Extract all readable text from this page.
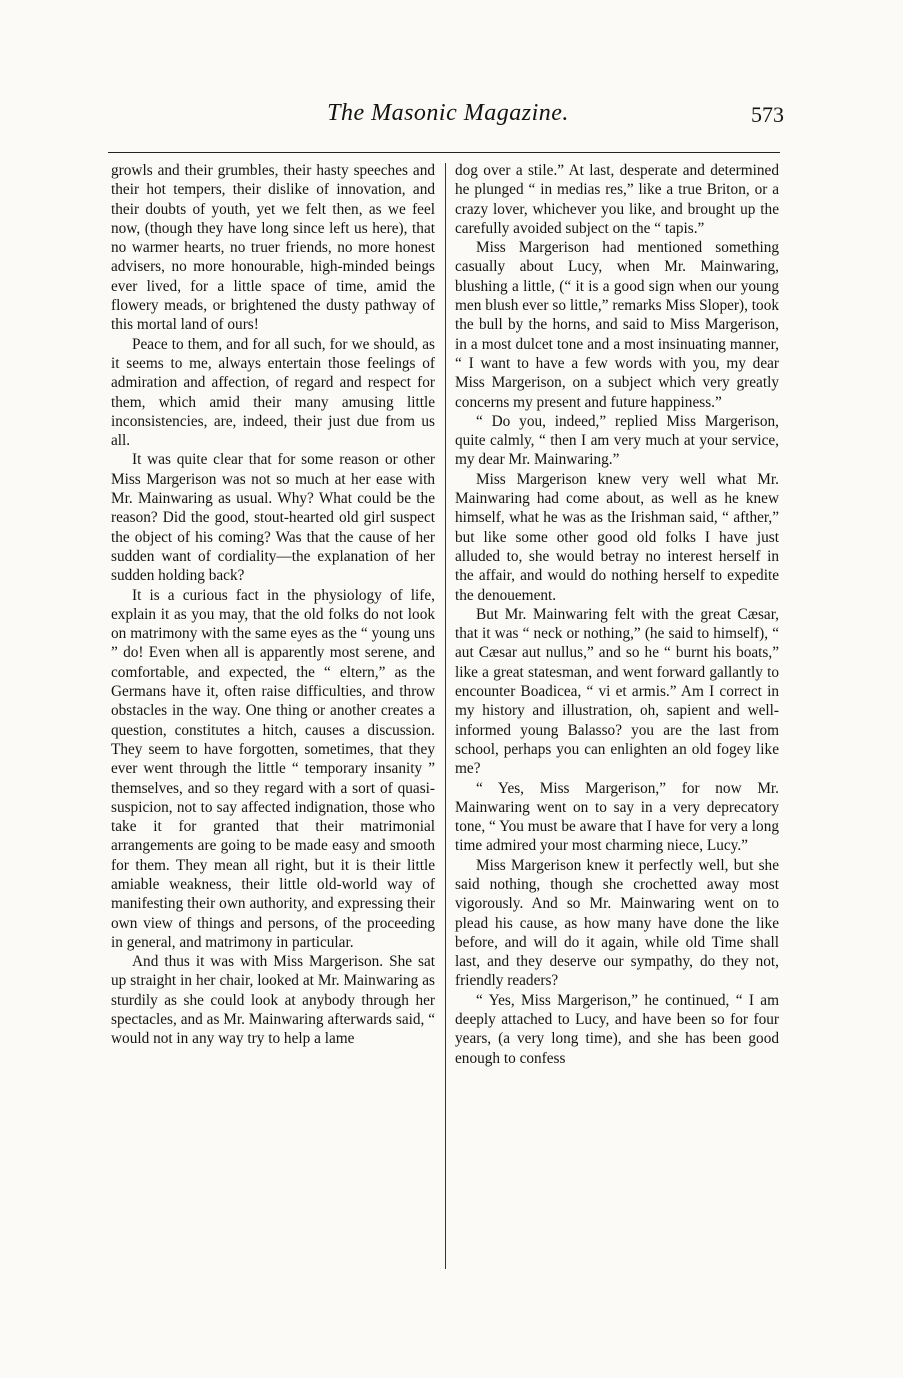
The Masonic Magazine.	573

growls and their grumbles, their hasty speeches and their hot tempers, their dislike of innovation, and their doubts of youth, yet we felt then, as we feel now, (though they have long since left us here), that no warmer hearts, no truer friends, no more honest advisers, no more honourable, high-minded beings ever lived, for a little space of time, amid the flowery meads, or brightened the dusty pathway of this mortal land of ours!

Peace to them, and for all such, for we should, as it seems to me, always entertain those feelings of admiration and affection, of regard and respect for them, which amid their many amusing little inconsistencies, are, indeed, their just due from us all.

It was quite clear that for some reason or other Miss Margerison was not so much at her ease with Mr. Mainwaring as usual. Why? What could be the reason? Did the good, stout-hearted old girl suspect the object of his coming? Was that the cause of her sudden want of cordiality—the explanation of her sudden holding back?

It is a curious fact in the physiology of life, explain it as you may, that the old folks do not look on matrimony with the same eyes as the “ young uns ” do! Even when all is apparently most serene, and comfortable, and expected, the “ eltern,” as the Germans have it, often raise difficulties, and throw obstacles in the way. One thing or another creates a question, constitutes a hitch, causes a discussion. They seem to have forgotten, sometimes, that they ever went through the little “ temporary insanity ” themselves, and so they regard with a sort of quasi-suspicion, not to say affected indignation, those who take it for granted that their matrimonial arrangements are going to be made easy and smooth for them. They mean all right, but it is their little amiable weakness, their little old-world way of manifesting their own authority, and expressing their own view of things and persons, of the proceeding in general, and matrimony in particular.

And thus it was with Miss Margerison. She sat up straight in her chair, looked at Mr. Mainwaring as sturdily as she could look at anybody through her spectacles, and as Mr. Mainwaring afterwards said, “ would not in any way try to help a lame

dog over a stile.” At last, desperate and determined he plunged “ in medias res,” like a true Briton, or a crazy lover, whichever you like, and brought up the carefully avoided subject on the “ tapis.”

Miss Margerison had mentioned something casually about Lucy, when Mr. Mainwaring, blushing a little, (“ it is a good sign when our young men blush ever so little,” remarks Miss Sloper), took the bull by the horns, and said to Miss Margerison, in a most dulcet tone and a most insinuating manner, “ I want to have a few words with you, my dear Miss Margerison, on a subject which very greatly concerns my present and future happiness.”

“ Do you, indeed,” replied Miss Margerison, quite calmly, “ then I am very much at your service, my dear Mr. Mainwaring.”

Miss Margerison knew very well what Mr. Mainwaring had come about, as well as he knew himself, what he was as the Irishman said, “ afther,” but like some other good old folks I have just alluded to, she would betray no interest herself in the affair, and would do nothing herself to expedite the denouement.

But Mr. Mainwaring felt with the great Cæsar, that it was “ neck or nothing,” (he said to himself), “ aut Cæsar aut nullus,” and so he “ burnt his boats,” like a great statesman, and went forward gallantly to encounter Boadicea, “ vi et armis.” Am I correct in my history and illustration, oh, sapient and well-informed young Balasso? you are the last from school, perhaps you can enlighten an old fogey like me?

“ Yes, Miss Margerison,” for now Mr. Mainwaring went on to say in a very deprecatory tone, “ You must be aware that I have for very a long time admired your most charming niece, Lucy.”

Miss Margerison knew it perfectly well, but she said nothing, though she crochetted away most vigorously. And so Mr. Mainwaring went on to plead his cause, as how many have done the like before, and will do it again, while old Time shall last, and they deserve our sympathy, do they not, friendly readers?

“ Yes, Miss Margerison,” he continued, “ I am deeply attached to Lucy, and have been so for four years, (a very long time), and she has been good enough to confess
